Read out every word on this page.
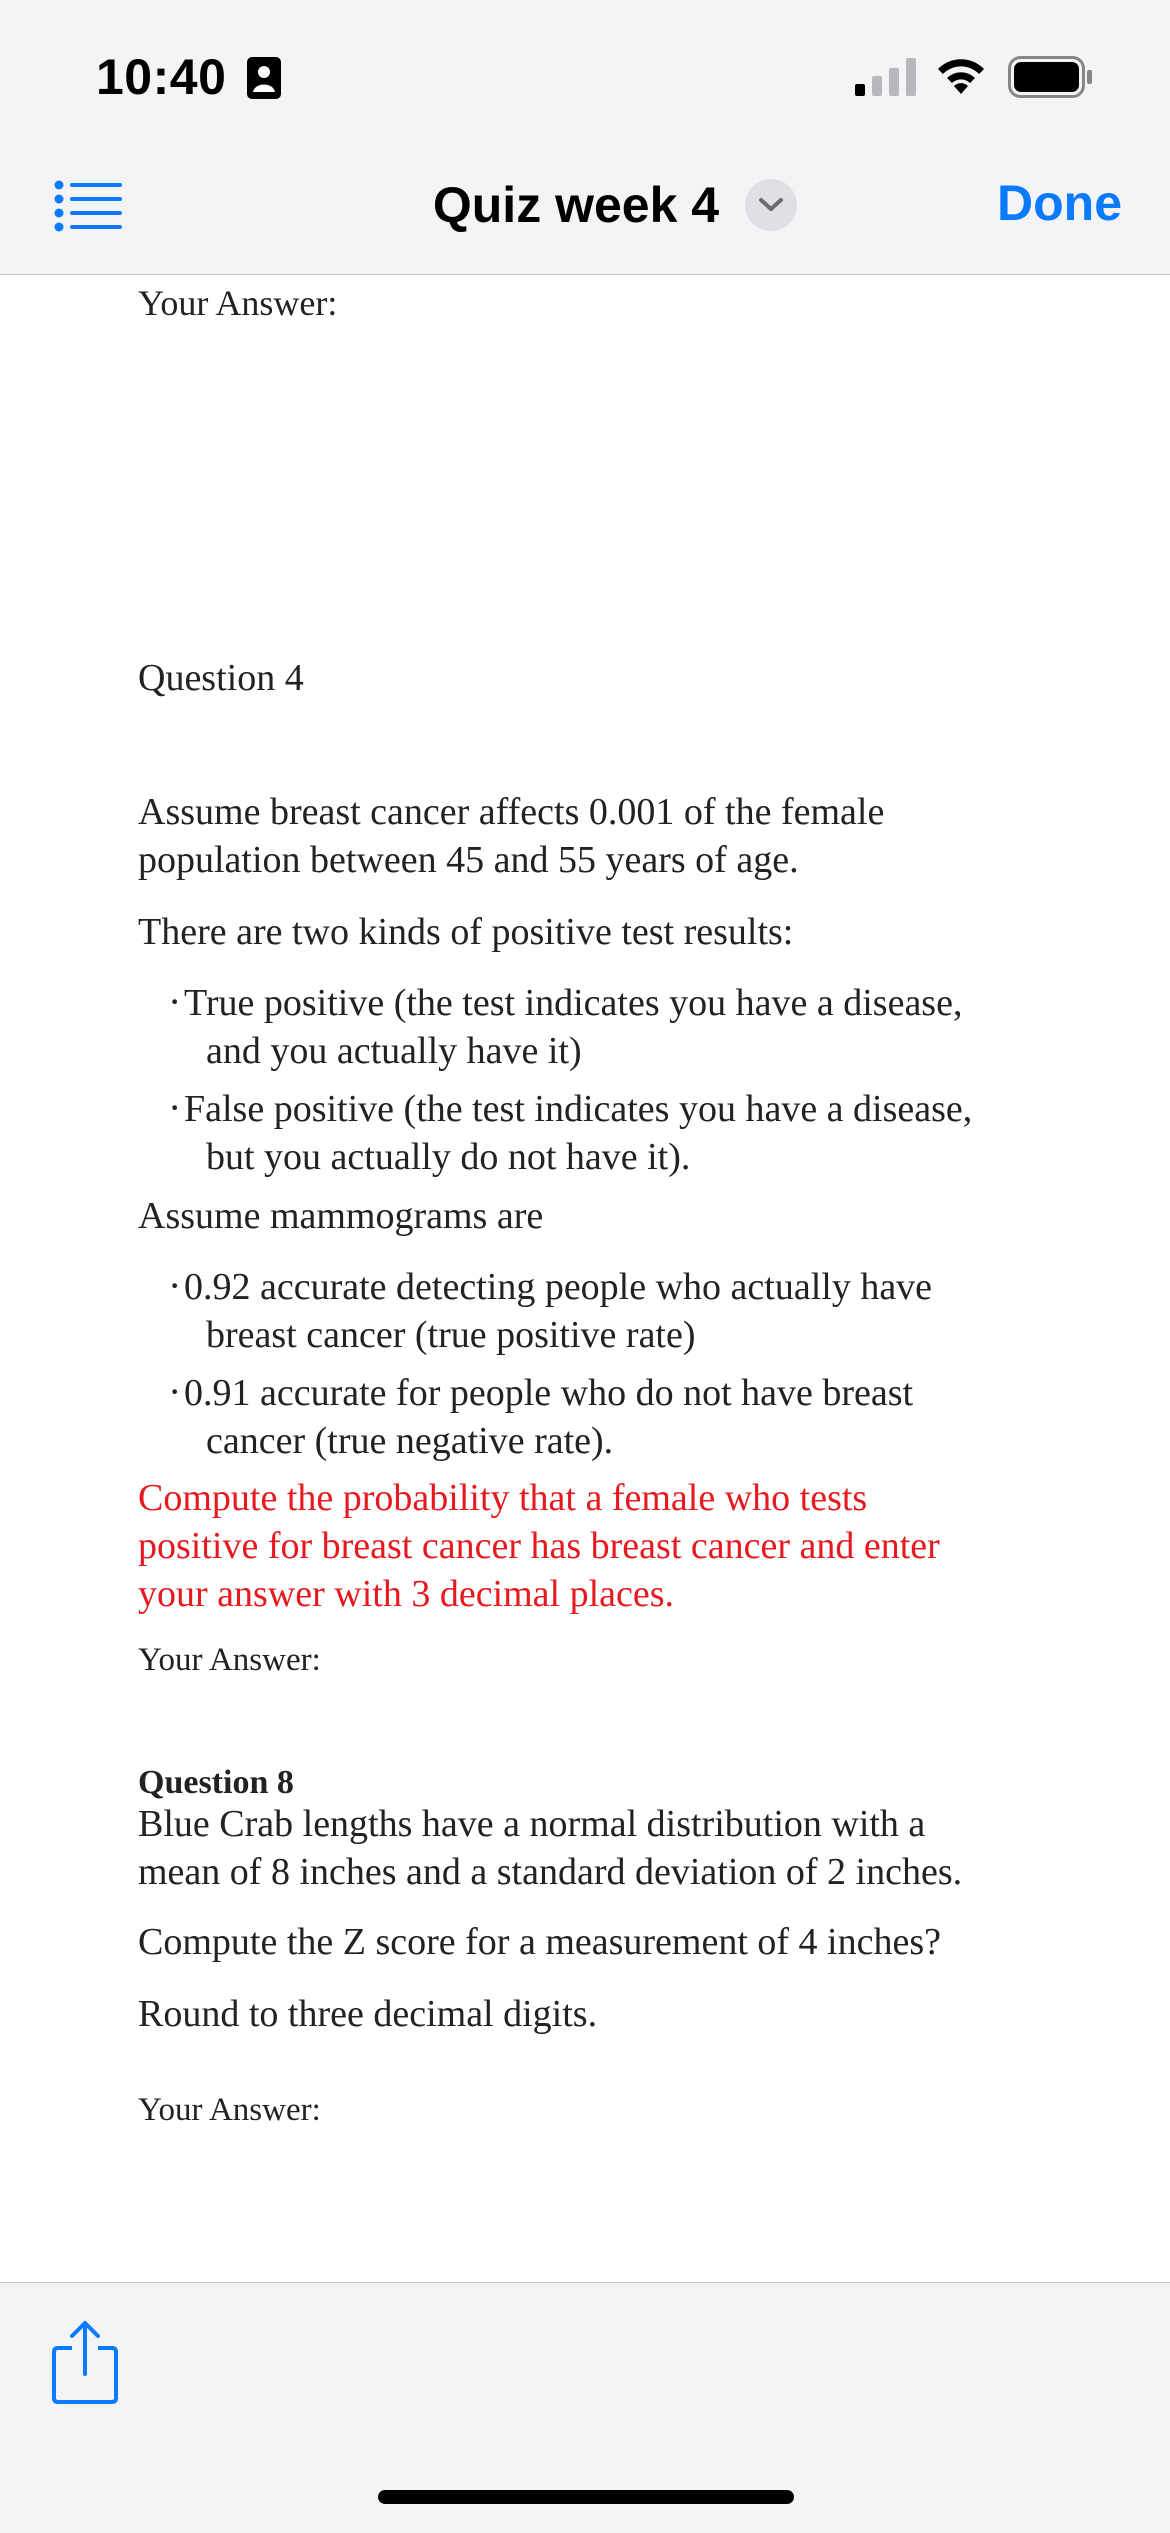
10:40
Quiz week 4	Done
Your Answer:
Question 4
Assume breast cancer affects 0.001 of the female
population between 45 and 55 years of age.
There are two kinds of positive test results:
·True positive (the test indicates you have a disease,
and you actually have it)
·False positive (the test indicates you have a disease,
but you actually do not have it).
Assume mammograms are
·0.92 accurate detecting people who actually have
breast cancer (true positive rate)
·0.91 accurate for people who do not have breast
cancer (true negative rate).
Compute the probability that a female who tests
positive for breast cancer has breast cancer and enter
your answer with 3 decimal places.
Your Answer:
Question 8
Blue Crab lengths have a normal distribution with a
mean of 8 inches and a standard deviation of 2 inches.
Compute the Z score for a measurement of 4 inches?
Round to three decimal digits.
Your Answer:
